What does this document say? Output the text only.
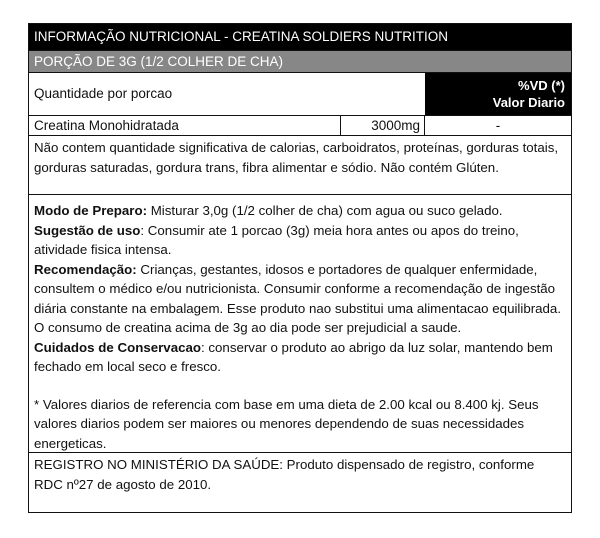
INFORMAÇÃO NUTRICIONAL - CREATINA SOLDIERS NUTRITION
PORÇÃO DE 3G (1/2 COLHER DE CHA)
Quantidade por porcao
%VD (*)
Valor Diario
Creatina Monohidratada	3000mg	-
Não contem quantidade significativa de calorias, carboidratos, proteínas, gorduras totais, gorduras saturadas, gordura trans, fibra alimentar e sódio. Não contém Glúten.

Modo de Preparo: Misturar 3,0g (1/2 colher de cha) com agua ou suco gelado.

Sugestão de uso: Consumir ate 1 porcao (3g) meia hora antes ou apos do treino, atividade fisica intensa.

Recomendação: Crianças, gestantes, idosos e portadores de qualquer enfermidade, consultem o médico e/ou nutricionista. Consumir conforme a recomendação de ingestão diária constante na embalagem. Esse produto nao substitui uma alimentacao equilibrada. O consumo de creatina acima de 3g ao dia pode ser prejudicial a saude.

Cuidados de Conservacao: conservar o produto ao abrigo da luz solar, mantendo bem fechado em local seco e fresco.

* Valores diarios de referencia com base em uma dieta de 2.00 kcal ou 8.400 kj. Seus valores diarios podem ser maiores ou menores dependendo de suas necessidades energeticas.

REGISTRO NO MINISTÉRIO DA SAÚDE: Produto dispensado de registro, conforme RDC nº27 de agosto de 2010.
